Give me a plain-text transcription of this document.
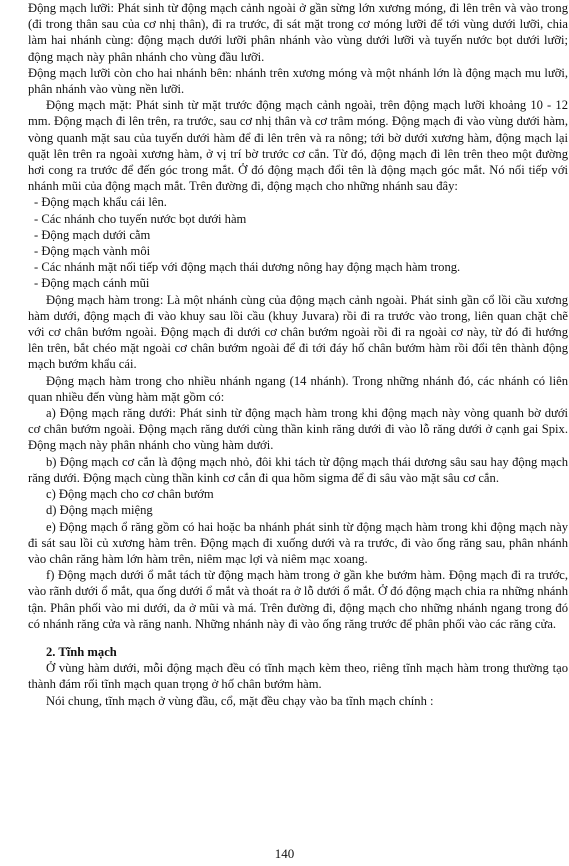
Động mạch lưỡi: Phát sinh từ động mạch cảnh ngoài ở gần sừng lớn xương móng, đi lên trên và vào trong (đi trong thân sau của cơ nhị thân), đi ra trước, đi sát mặt trong cơ móng lưỡi để tới vùng dưới lưỡi, chia làm hai nhánh cùng: động mạch dưới lưỡi phân nhánh vào vùng dưới lưỡi và tuyến nước bọt dưới lưỡi; động mạch này phân nhánh cho vùng đầu lưỡi.

Động mạch lưỡi còn cho hai nhánh bên: nhánh trên xương móng và một nhánh lớn là động mạch mu lưỡi, phân nhánh vào vùng nền lưỡi.

Động mạch mặt: Phát sinh từ mặt trước động mạch cảnh ngoài, trên động mạch lưỡi khoảng 10 - 12 mm. Động mạch đi lên trên, ra trước, sau cơ nhị thân và cơ trâm móng. Động mạch đi vào vùng dưới hàm, vòng quanh mặt sau của tuyến dưới hàm để đi lên trên và ra nông; tới bờ dưới xương hàm, động mạch lại quặt lên trên ra ngoài xương hàm, ở vị trí bờ trước cơ cắn. Từ đó, động mạch đi lên trên theo một đường hơi cong ra trước để đến góc trong mắt. Ở đó động mạch đổi tên là động mạch góc mắt. Nó nối tiếp với nhánh mũi của động mạch mắt. Trên đường đi, động mạch cho những nhánh sau đây:

- Động mạch khẩu cái lên.

- Các nhánh cho tuyến nước bọt dưới hàm

- Động mạch dưới cằm

- Động mạch vành môi

- Các nhánh mặt nối tiếp với động mạch thái dương nông hay động mạch hàm trong.

- Động mạch cánh mũi

Động mạch hàm trong: Là một nhánh cùng của động mạch cảnh ngoài. Phát sinh gần cổ lồi cầu xương hàm dưới, động mạch đi vào khuy sau lồi cầu (khuy Juvara) rồi đi ra trước vào trong, liên quan chặt chẽ với cơ chân bướm ngoài. Động mạch đi dưới cơ chân bướm ngoài rồi đi ra ngoài cơ này, từ đó đi hướng lên trên, bắt chéo mặt ngoài cơ chân bướm ngoài để đi tới đáy hố chân bướm hàm rồi đổi tên thành động mạch bướm khẩu cái.

Động mạch hàm trong cho nhiều nhánh ngang (14 nhánh). Trong những nhánh đó, các nhánh có liên quan nhiều đến vùng hàm mặt gồm có:

a) Động mạch răng dưới: Phát sinh từ động mạch hàm trong khi động mạch này vòng quanh bờ dưới cơ chân bướm ngoài. Động mạch răng dưới cùng thần kinh răng dưới đi vào lỗ răng dưới ở cạnh gai Spix. Động mạch này phân nhánh cho vùng hàm dưới.

b) Động mạch cơ cắn là động mạch nhỏ, đôi khi tách từ động mạch thái dương sâu sau hay động mạch răng dưới. Động mạch cùng thần kinh cơ cắn đi qua hõm sigma để đi sâu vào mặt sâu cơ cắn.

c) Động mạch cho cơ chân bướm

d) Động mạch miệng

e) Động mạch ổ răng gồm có hai hoặc ba nhánh phát sinh từ động mạch hàm trong khi động mạch này đi sát sau lồi củ xương hàm trên. Động mạch đi xuống dưới và ra trước, đi vào ống răng sau, phân nhánh vào chân răng hàm lớn hàm trên, niêm mạc lợi và niêm mạc xoang.

f) Động mạch dưới ổ mắt tách từ động mạch hàm trong ở gần khe bướm hàm. Động mạch đi ra trước, vào rãnh dưới ổ mắt, qua ống dưới ổ mắt và thoát ra ở lỗ dưới ổ mắt. Ở đó động mạch chia ra những nhánh tận. Phân phối vào mi dưới, da ở mũi và má. Trên đường đi, động mạch cho những nhánh ngang trong đó có nhánh răng cửa và răng nanh. Những nhánh này đi vào ống răng trước để phân phối vào các răng cửa.

2. Tĩnh mạch

Ở vùng hàm dưới, mỗi động mạch đều có tĩnh mạch kèm theo, riêng tĩnh mạch hàm trong thường tạo thành đám rối tĩnh mạch quan trọng ở hố chân bướm hàm.

Nói chung, tĩnh mạch ở vùng đầu, cổ, mặt đều chạy vào ba tĩnh mạch chính :

140
